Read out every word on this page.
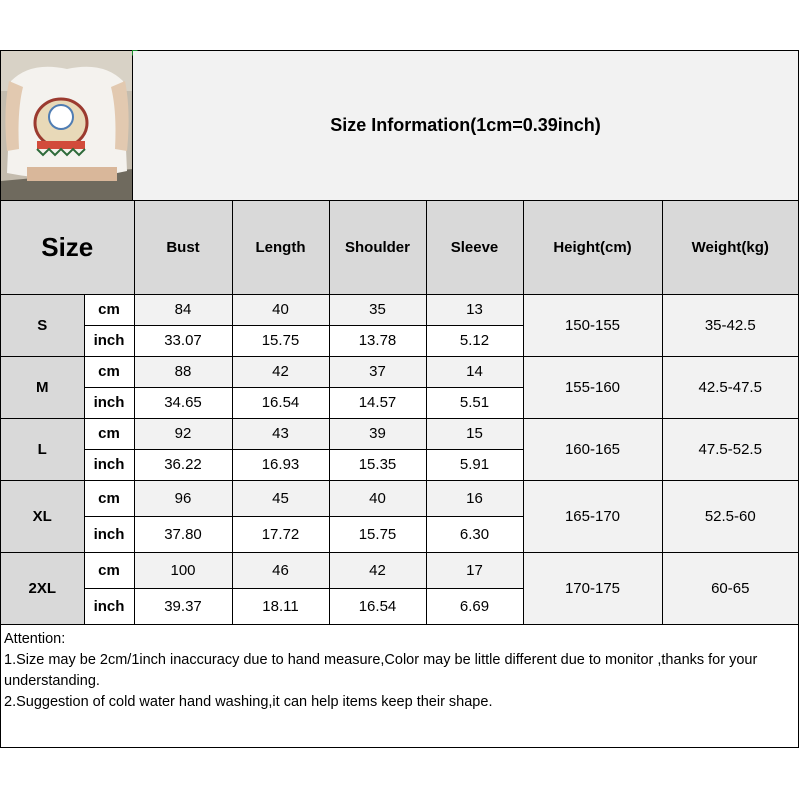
Size Information(1cm=0.39inch)
Size		Bust	Length	Shoulder	Sleeve	Height(cm)	Weight(kg)
S	cm	84	40	35	13	150-155	35-42.5
	inch	33.07	15.75	13.78	5.12		
M	cm	88	42	37	14	155-160	42.5-47.5
	inch	34.65	16.54	14.57	5.51		
L	cm	92	43	39	15	160-165	47.5-52.5
	inch	36.22	16.93	15.35	5.91		
XL	cm	96	45	40	16	165-170	52.5-60
	inch	37.80	17.72	15.75	6.30		
2XL	cm	100	46	42	17	170-175	60-65
	inch	39.37	18.11	16.54	6.69		
Attention:
1.Size may be 2cm/1inch inaccuracy due to hand measure,Color may be little different due to monitor ,thanks for your understanding.
2.Suggestion of cold water hand washing,it can help items keep their shape.
